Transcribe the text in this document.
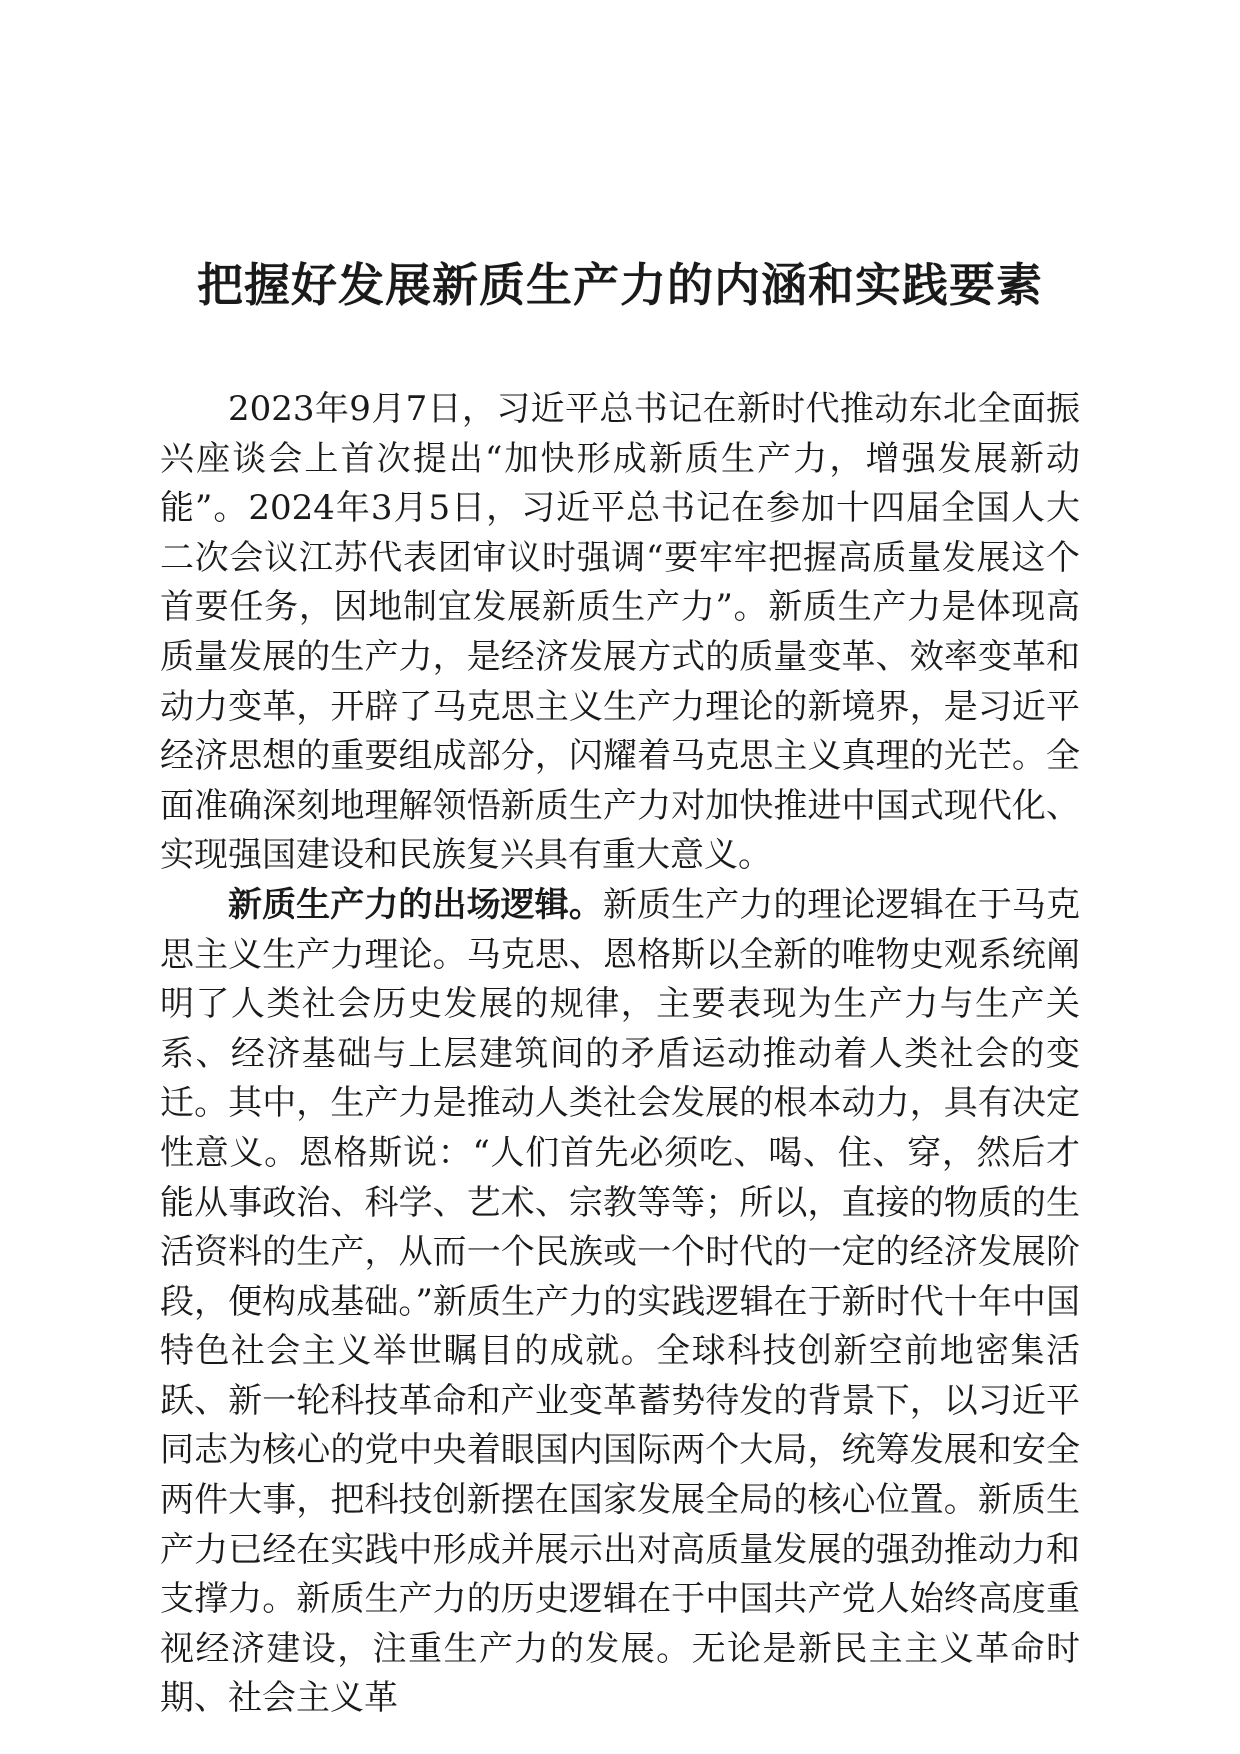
把握好发展新质生产力的内涵和实践要素

2023年9月7日，习近平总书记在新时代推动东北全面振兴座谈会上首次提出“加快形成新质生产力，增强发展新动能”。2024年3月5日，习近平总书记在参加十四届全国人大二次会议江苏代表团审议时强调“要牢牢把握高质量发展这个首要任务，因地制宜发展新质生产力”。新质生产力是体现高质量发展的生产力，是经济发展方式的质量变革、效率变革和动力变革，开辟了马克思主义生产力理论的新境界，是习近平经济思想的重要组成部分，闪耀着马克思主义真理的光芒。全面准确深刻地理解领悟新质生产力对加快推进中国式现代化、实现强国建设和民族复兴具有重大意义。

新质生产力的出场逻辑。新质生产力的理论逻辑在于马克思主义生产力理论。马克思、恩格斯以全新的唯物史观系统阐明了人类社会历史发展的规律，主要表现为生产力与生产关系、经济基础与上层建筑间的矛盾运动推动着人类社会的变迁。其中，生产力是推动人类社会发展的根本动力，具有决定性意义。恩格斯说：“人们首先必须吃、喝、住、穿，然后才能从事政治、科学、艺术、宗教等等；所以，直接的物质的生活资料的生产，从而一个民族或一个时代的一定的经济发展阶段，便构成基础。”新质生产力的实践逻辑在于新时代十年中国特色社会主义举世瞩目的成就。全球科技创新空前地密集活跃、新一轮科技革命和产业变革蓄势待发的背景下，以习近平同志为核心的党中央着眼国内国际两个大局，统筹发展和安全两件大事，把科技创新摆在国家发展全局的核心位置。新质生产力已经在实践中形成并展示出对高质量发展的强劲推动力和支撑力。新质生产力的历史逻辑在于中国共产党人始终高度重视经济建设，注重生产力的发展。无论是新民主主义革命时期、社会主义革
